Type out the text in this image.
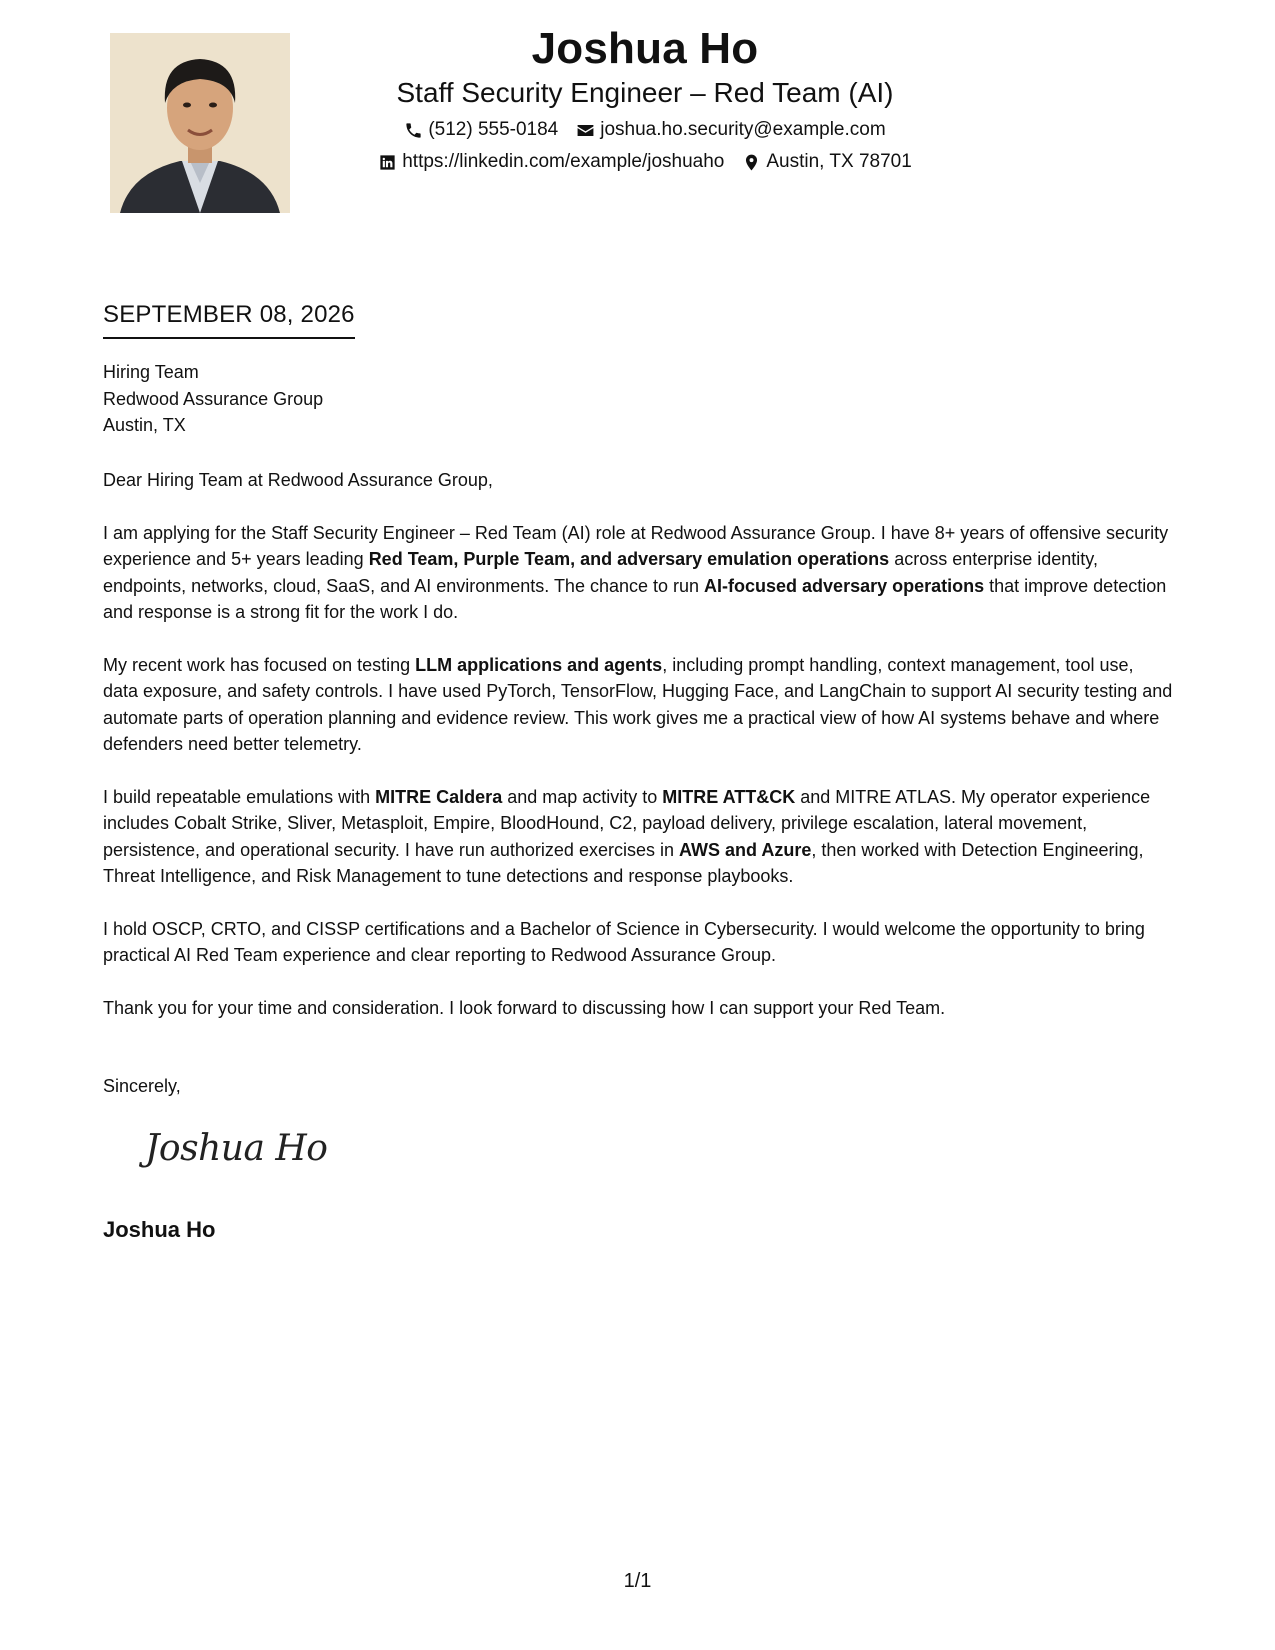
Joshua Ho
Staff Security Engineer – Red Team (AI)
(512) 555-0184 joshua.ho.security@example.com
https://linkedin.com/example/joshuaho Austin, TX 78701
SEPTEMBER 08, 2026
Hiring Team
Redwood Assurance Group
Austin, TX

Dear Hiring Team at Redwood Assurance Group,

I am applying for the Staff Security Engineer – Red Team (AI) role at Redwood Assurance Group. I have 8+ years of offensive security experience and 5+ years leading Red Team, Purple Team, and adversary emulation operations across enterprise identity, endpoints, networks, cloud, SaaS, and AI environments. The chance to run AI-focused adversary operations that improve detection and response is a strong fit for the work I do.

My recent work has focused on testing LLM applications and agents, including prompt handling, context management, tool use, data exposure, and safety controls. I have used PyTorch, TensorFlow, Hugging Face, and LangChain to support AI security testing and automate parts of operation planning and evidence review. This work gives me a practical view of how AI systems behave and where defenders need better telemetry.

I build repeatable emulations with MITRE Caldera and map activity to MITRE ATT&CK and MITRE ATLAS. My operator experience includes Cobalt Strike, Sliver, Metasploit, Empire, BloodHound, C2, payload delivery, privilege escalation, lateral movement, persistence, and operational security. I have run authorized exercises in AWS and Azure, then worked with Detection Engineering, Threat Intelligence, and Risk Management to tune detections and response playbooks.

I hold OSCP, CRTO, and CISSP certifications and a Bachelor of Science in Cybersecurity. I would welcome the opportunity to bring practical AI Red Team experience and clear reporting to Redwood Assurance Group.

Thank you for your time and consideration. I look forward to discussing how I can support your Red Team.

Sincerely,
Joshua Ho
Joshua Ho
1/1
